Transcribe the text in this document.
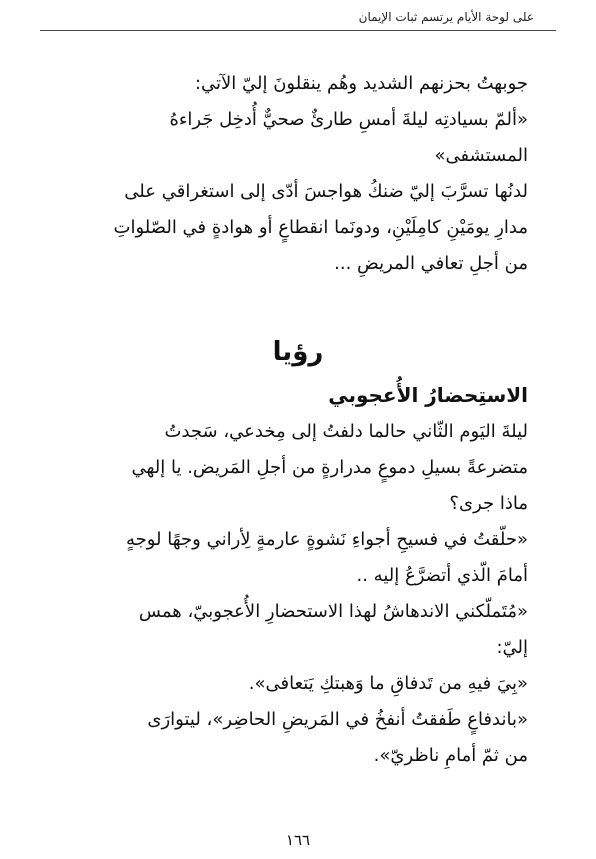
على لوحة الأيام يرتسم ثبات الإيمان
جوبهتُ بحزنهم الشديد وهُم ينقلونَ إليّ الآتي:
«ألمّ بسيادتِه ليلةَ أمسِ طارئٌ صحيٌّ أُدخِل جَراءهُ
المستشفى»
لدنُها تسرَّبَ إليّ ضنكُ هواجسَ أدّى إلى استغراقي على
مدارِ يومَيْنِ كامِلَيْنِ، ودونَما انقطاعٍ أو هوادةٍ في الصّلواتِ
من أجلِ تعافي المريضِ ...
رؤيا
الاستِحضارُ الأُعجوبي
ليلةَ اليَوم الثّاني حالما دلفتُ إلى مِخدعي، سَجدتُ
متضرعةً بسيلِ دموعٍ مدرارةٍ من أجلِ المَريض. يا إلهي
ماذا جرى؟
«حلّقتُ في فسيحِ أجواءِ نَشوةٍ عارمةٍ لِأراني وجهًا لوجهٍ
أمامَ الّذي أتضرَّعُ إليه ..
«مُتَملّكني الاندهاشُ لهذا الاستحضارِ الأُعجوبيّ، همس
إليّ:
«بِيَ فيهِ من تَدفاقِ ما وَهبتكِ يَتعافى».
«باندفاعٍ طَفقتُ أنفخُ في المَريضِ الحاضِر»، ليتوارَى
من ثمّ أمامِ ناظريّ».
١٦٦
